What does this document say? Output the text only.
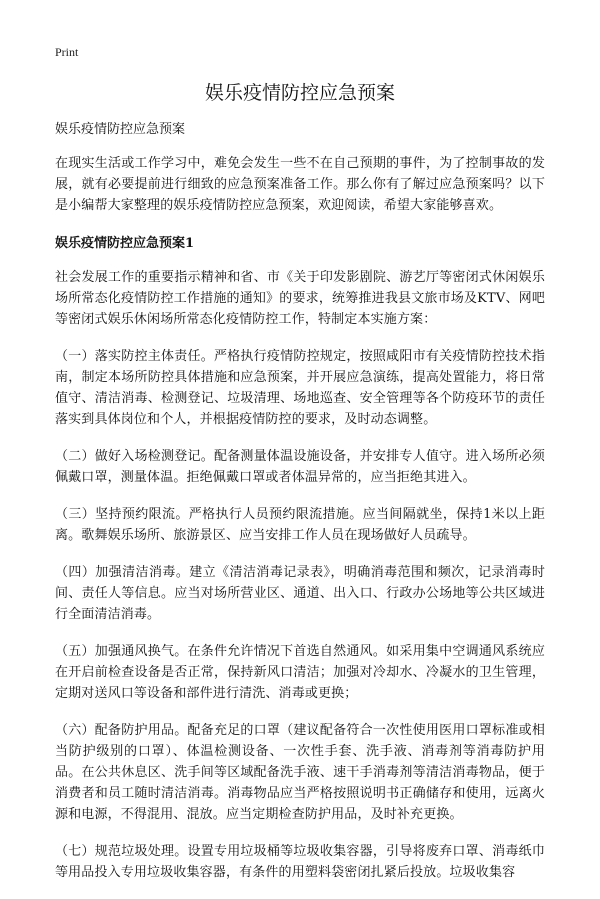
Print
娱乐疫情防控应急预案
娱乐疫情防控应急预案

在现实生活或工作学习中，难免会发生一些不在自己预期的事件，为了控制事故的发展，就有必要提前进行细致的应急预案准备工作。那么你有了解过应急预案吗？以下是小编帮大家整理的娱乐疫情防控应急预案，欢迎阅读，希望大家能够喜欢。

娱乐疫情防控应急预案1

社会发展工作的重要指示精神和省、市《关于印发影剧院、游艺厅等密闭式休闲娱乐场所常态化疫情防控工作措施的通知》的要求，统筹推进我县文旅市场及KTV、网吧等密闭式娱乐休闲场所常态化疫情防控工作，特制定本实施方案：

（一）落实防控主体责任。严格执行疫情防控规定，按照咸阳市有关疫情防控技术指南，制定本场所防控具体措施和应急预案，并开展应急演练，提高处置能力，将日常值守、清洁消毒、检测登记、垃圾清理、场地巡查、安全管理等各个防疫环节的责任落实到具体岗位和个人，并根据疫情防控的要求，及时动态调整。

（二）做好入场检测登记。配备测量体温设施设备，并安排专人值守。进入场所必须佩戴口罩，测量体温。拒绝佩戴口罩或者体温异常的，应当拒绝其进入。

（三）坚持预约限流。严格执行人员预约限流措施。应当间隔就坐，保持1米以上距离。歌舞娱乐场所、旅游景区、应当安排工作人员在现场做好人员疏导。

（四）加强清洁消毒。建立《清洁消毒记录表》，明确消毒范围和频次，记录消毒时间、责任人等信息。应当对场所营业区、通道、出入口、行政办公场地等公共区域进行全面清洁消毒。

（五）加强通风换气。在条件允许情况下首选自然通风。如采用集中空调通风系统应在开启前检查设备是否正常，保持新风口清洁；加强对冷却水、冷凝水的卫生管理，定期对送风口等设备和部件进行清洗、消毒或更换；

（六）配备防护用品。配备充足的口罩（建议配备符合一次性使用医用口罩标准或相当防护级别的口罩）、体温检测设备、一次性手套、洗手液、消毒剂等消毒防护用品。在公共休息区、洗手间等区域配备洗手液、速干手消毒剂等清洁消毒物品，便于消费者和员工随时清洁消毒。消毒物品应当严格按照说明书正确储存和使用，远离火源和电源，不得混用、混放。应当定期检查防护用品，及时补充更换。

（七）规范垃圾处理。设置专用垃圾桶等垃圾收集容器，引导将废弃口罩、消毒纸巾等用品投入专用垃圾收集容器，有条件的用塑料袋密闭扎紧后投放。垃圾收集容
